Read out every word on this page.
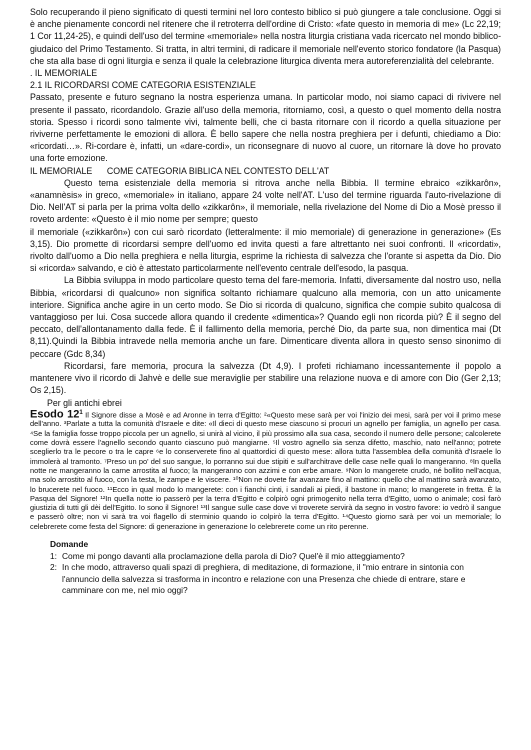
Solo recuperando il pieno significato di questi termini nel loro contesto biblico si può giungere a tale conclusione. Oggi si è anche pienamente concordi nel ritenere che il retroterra dell'ordine di Cristo: «fate questo in memoria di me» (Lc 22,19; 1 Cor 11,24-25), e quindi dell'uso del termine «memoriale» nella nostra liturgia cristiana vada ricercato nel mondo biblico-giudaico del Primo Testamento. Si tratta, in altri termini, di radicare il memoriale nell'evento storico fondatore (la Pasqua) che sta alla base di ogni liturgia e senza il quale la celebrazione liturgica diventa mera autoreferenzialità del celebrante.

. IL MEMORIALE

2.1 IL RICORDARSI COME CATEGORIA ESISTENZIALE

Passato, presente e futuro segnano la nostra esperienza umana. In particolar modo, noi siamo capaci di rivivere nel presente il passato, ricordandolo. Grazie all'uso della memoria, ritorniamo, così, a questo o quel momento della nostra storia. Spesso i ricordi sono talmente vivi, talmente belli, che ci basta ritornare con il ricordo a quella situazione per riviverne perfettamente le emozioni di allora. È bello sapere che nella nostra preghiera per i defunti, chiediamo a Dio: «ricordati…». Ri-cordare è, infatti, un «dare-cordi», un riconsegnare di nuovo al cuore, un ritornare là dove ho provato una forte emozione.

IL MEMORIALE      COME CATEGORIA BIBLICA NEL CONTESTO DELL'AT

Questo tema esistenziale della memoria si ritrova anche nella Bibbia. Il termine ebraico «zikkarôn», «anamnèsis» in greco, «memoriale» in italiano, appare 24 volte nell'AT. L'uso del termine riguarda l'auto-rivelazione di Dio. Nell'AT si parla per la prima volta dello «zikkarôn», il memoriale, nella rivelazione del Nome di Dio a Mosè presso il roveto ardente: «Questo è il mio nome per sempre; questo

il memoriale («zikkarôn») con cui sarò ricordato (letteralmente: il mio memoriale) di generazione in generazione» (Es 3,15). Dio promette di ricordarsi sempre dell'uomo ed invita questi a fare altrettanto nei suoi confronti. Il «ricordati», rivolto dall'uomo a Dio nella preghiera e nella liturgia, esprime la richiesta di salvezza che l'orante si aspetta da Dio. Dio si «ricorda» salvando, e ciò è attestato particolarmente nell'evento centrale dell'esodo, la pasqua.

La Bibbia sviluppa in modo particolare questo tema del fare-memoria. Infatti, diversamente dal nostro uso, nella Bibbia, «ricordarsi di qualcuno» non significa soltanto richiamare qualcuno alla memoria, con un atto unicamente interiore. Significa anche agire in un certo modo. Se Dio si ricorda di qualcuno, significa che compie subito qualcosa di vantaggioso per lui. Cosa succede allora quando il credente «dimentica»? Quando egli non ricorda più? È il segno del peccato, dell'allontanamento dalla fede. È il fallimento della memoria, perché Dio, da parte sua, non dimentica mai (Dt 8,11).Quindi la Bibbia intravede nella memoria anche un fare. Dimenticare diventa allora in questo senso sinonimo di peccare (Gdc 8,34)

Ricordarsi, fare memoria, procura la salvezza (Dt 4,9). I profeti richiamano incessantemente il popolo a mantenere vivo il ricordo di Jahvè e delle sue meraviglie per stabilire una relazione nuova e di amore con Dio (Ger 2,13; Os 2,15).

Per gli antichi ebrei

Esodo $12^1$ Il Signore disse a Mosè e ad Aronne in terra d'Egitto: ²«Questo mese sarà per voi l'inizio dei mesi, sarà per voi il primo mese dell'anno. ³Parlate a tutta la comunità d'Israele e dite: «Il dieci di questo mese ciascuno si procuri un agnello per famiglia, un agnello per casa. ⁴Se la famiglia fosse troppo piccola per un agnello, si unirà al vicino, il più prossimo alla sua casa, secondo il numero delle persone; calcolerete come dovrà essere l'agnello secondo quanto ciascuno può mangiarne. ⁵Il vostro agnello sia senza difetto, maschio, nato nell'anno; potrete sceglierlo tra le pecore o tra le capre ⁶e lo conserverete fino al quattordici di questo mese: allora tutta l'assemblea della comunità d'Israele lo immolerà al tramonto. ⁷Preso un po' del suo sangue, lo porranno sui due stipiti e sull'architrave delle case nelle quali lo mangeranno. ⁸In quella notte ne mangeranno la carne arrostita al fuoco; la mangeranno con azzimi e con erbe amare. ⁹Non lo mangerete crudo, né bollito nell'acqua, ma solo arrostito al fuoco, con la testa, le zampe e le viscere. ¹⁰Non ne dovete far avanzare fino al mattino: quello che al mattino sarà avanzato, lo brucerete nel fuoco. ¹¹Ecco in qual modo lo mangerete: con i fianchi cinti, i sandali ai piedi, il bastone in mano; lo mangerete in fretta. È la Pasqua del Signore! ¹²In quella notte io passerò per la terra d'Egitto e colpirò ogni primogenito nella terra d'Egitto, uomo o animale; così farò giustizia di tutti gli dèi dell'Egitto. Io sono il Signore! ¹³Il sangue sulle case dove vi troverete servirà da segno in vostro favore: io vedrò il sangue e passerò oltre; non vi sarà tra voi flagello di sterminio quando io colpirò la terra d'Egitto. ¹⁴Questo giorno sarà per voi un memoriale; lo celebrerete come festa del Signore: di generazione in generazione lo celebrerete come un rito perenne.

Domande

1: Come mi pongo davanti alla proclamazione della parola di Dio? Quel'è il mio atteggiamento?
2: In che modo, attraverso quali spazi di preghiera, di meditazione, di formazione, il "mio entrare in sintonia con l'annuncio della salvezza si trasforma in incontro e relazione con una Presenza che chiede di entrare, stare e camminare con me, nel mio oggi?
